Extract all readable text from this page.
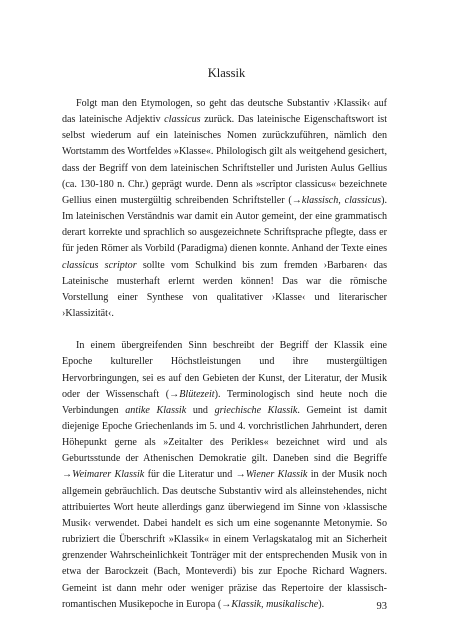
Klassik

Folgt man den Etymologen, so geht das deutsche Substantiv ›Klassik‹ auf das lateinische Adjektiv classicus zurück. Das lateinische Eigenschaftswort ist selbst wiederum auf ein lateinisches Nomen zurückzuführen, nämlich den Wortstamm des Wortfeldes »Klasse«. Philologisch gilt als weitgehend gesichert, dass der Begriff von dem lateinischen Schriftsteller und Juristen Aulus Gellius (ca. 130-180 n. Chr.) geprägt wurde. Denn als »scrîptor classicus« bezeichnete Gellius einen mustergültig schreibenden Schriftsteller (→klassisch, classicus). Im lateinischen Verständnis war damit ein Autor gemeint, der eine grammatisch derart korrekte und sprachlich so ausgezeichnete Schriftsprache pflegte, dass er für jeden Römer als Vorbild (Paradigma) dienen konnte. Anhand der Texte eines classicus scriptor sollte vom Schulkind bis zum fremden ›Barbaren‹ das Lateinische musterhaft erlernt werden können! Das war die römische Vorstellung einer Synthese von qualitativer ›Klasse‹ und literarischer ›Klassizität‹.

In einem übergreifenden Sinn beschreibt der Begriff der Klassik eine Epoche kultureller Höchstleistungen und ihre mustergültigen Hervorbringungen, sei es auf den Gebieten der Kunst, der Literatur, der Musik oder der Wissenschaft (→Blütezeit). Terminologisch sind heute noch die Verbindungen antike Klassik und griechische Klassik. Gemeint ist damit diejenige Epoche Griechenlands im 5. und 4. vorchristlichen Jahrhundert, deren Höhepunkt gerne als »Zeitalter des Perikles« bezeichnet wird und als Geburtsstunde der Athenischen Demokratie gilt. Daneben sind die Begriffe →Weimarer Klassik für die Literatur und →Wiener Klassik in der Musik noch allgemein gebräuchlich. Das deutsche Substantiv wird als alleinstehendes, nicht attribuiertes Wort heute allerdings ganz überwiegend im Sinne von ›klassische Musik‹ verwendet. Dabei handelt es sich um eine sogenannte Metonymie. So rubriziert die Überschrift »Klassik« in einem Verlagskatalog mit an Sicherheit grenzender Wahrscheinlichkeit Tonträger mit der entsprechenden Musik von in etwa der Barockzeit (Bach, Monteverdi) bis zur Epoche Richard Wagners. Gemeint ist dann mehr oder weniger präzise das Repertoire der klassisch-romantischen Musikepoche in Europa (→Klassik, musikalische).	93
